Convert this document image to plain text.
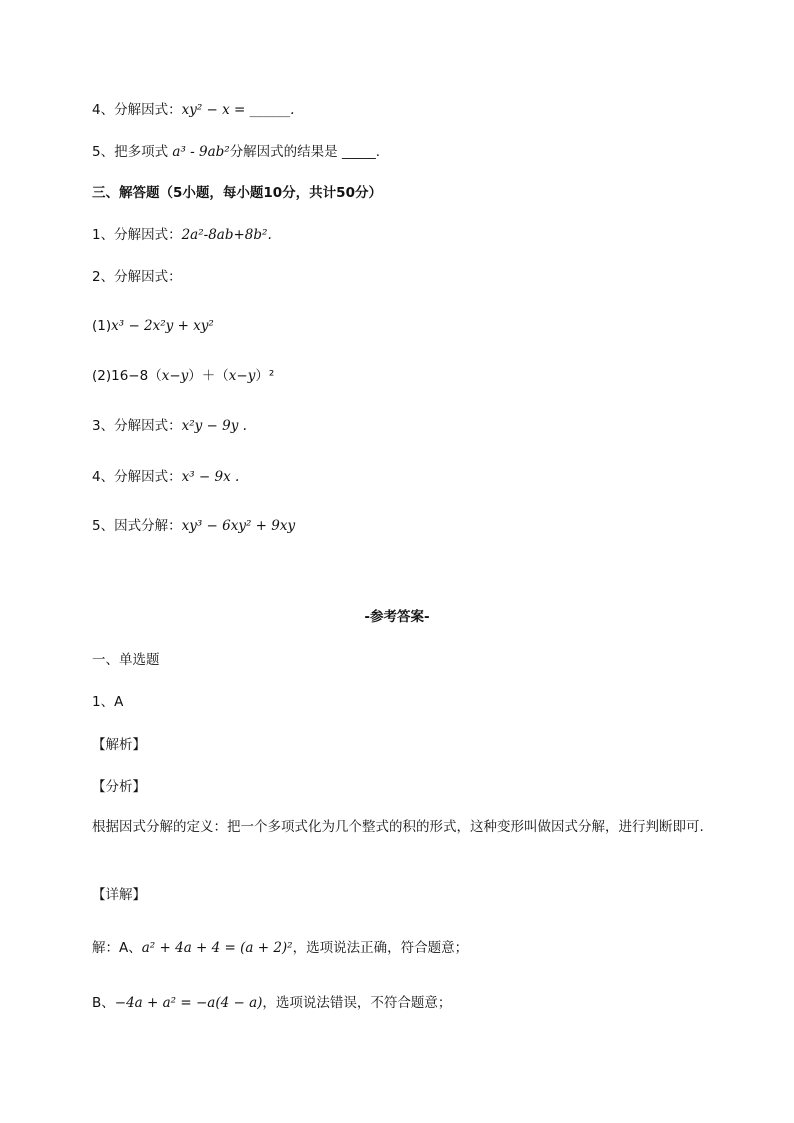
4、分解因式：xy² − x = ______.
5、把多项式 a³ - 9ab²分解因式的结果是 _____.
三、解答题（5小题，每小题10分，共计50分）
1、分解因式：2a²-8ab+8b².
2、分解因式：
(1)x³ − 2x²y + xy²
(2)16−8（x−y）＋（x−y）²
3、分解因式：x²y − 9y .
4、分解因式：x³ − 9x .
5、因式分解：xy³ − 6xy² + 9xy
-参考答案-
一、单选题
1、A
【解析】
【分析】
根据因式分解的定义：把一个多项式化为几个整式的积的形式，这种变形叫做因式分解，进行判断即可.
【详解】
解：A、a² + 4a + 4 = (a + 2)²，选项说法正确，符合题意；
B、−4a + a² = −a(4 − a)，选项说法错误，不符合题意；
